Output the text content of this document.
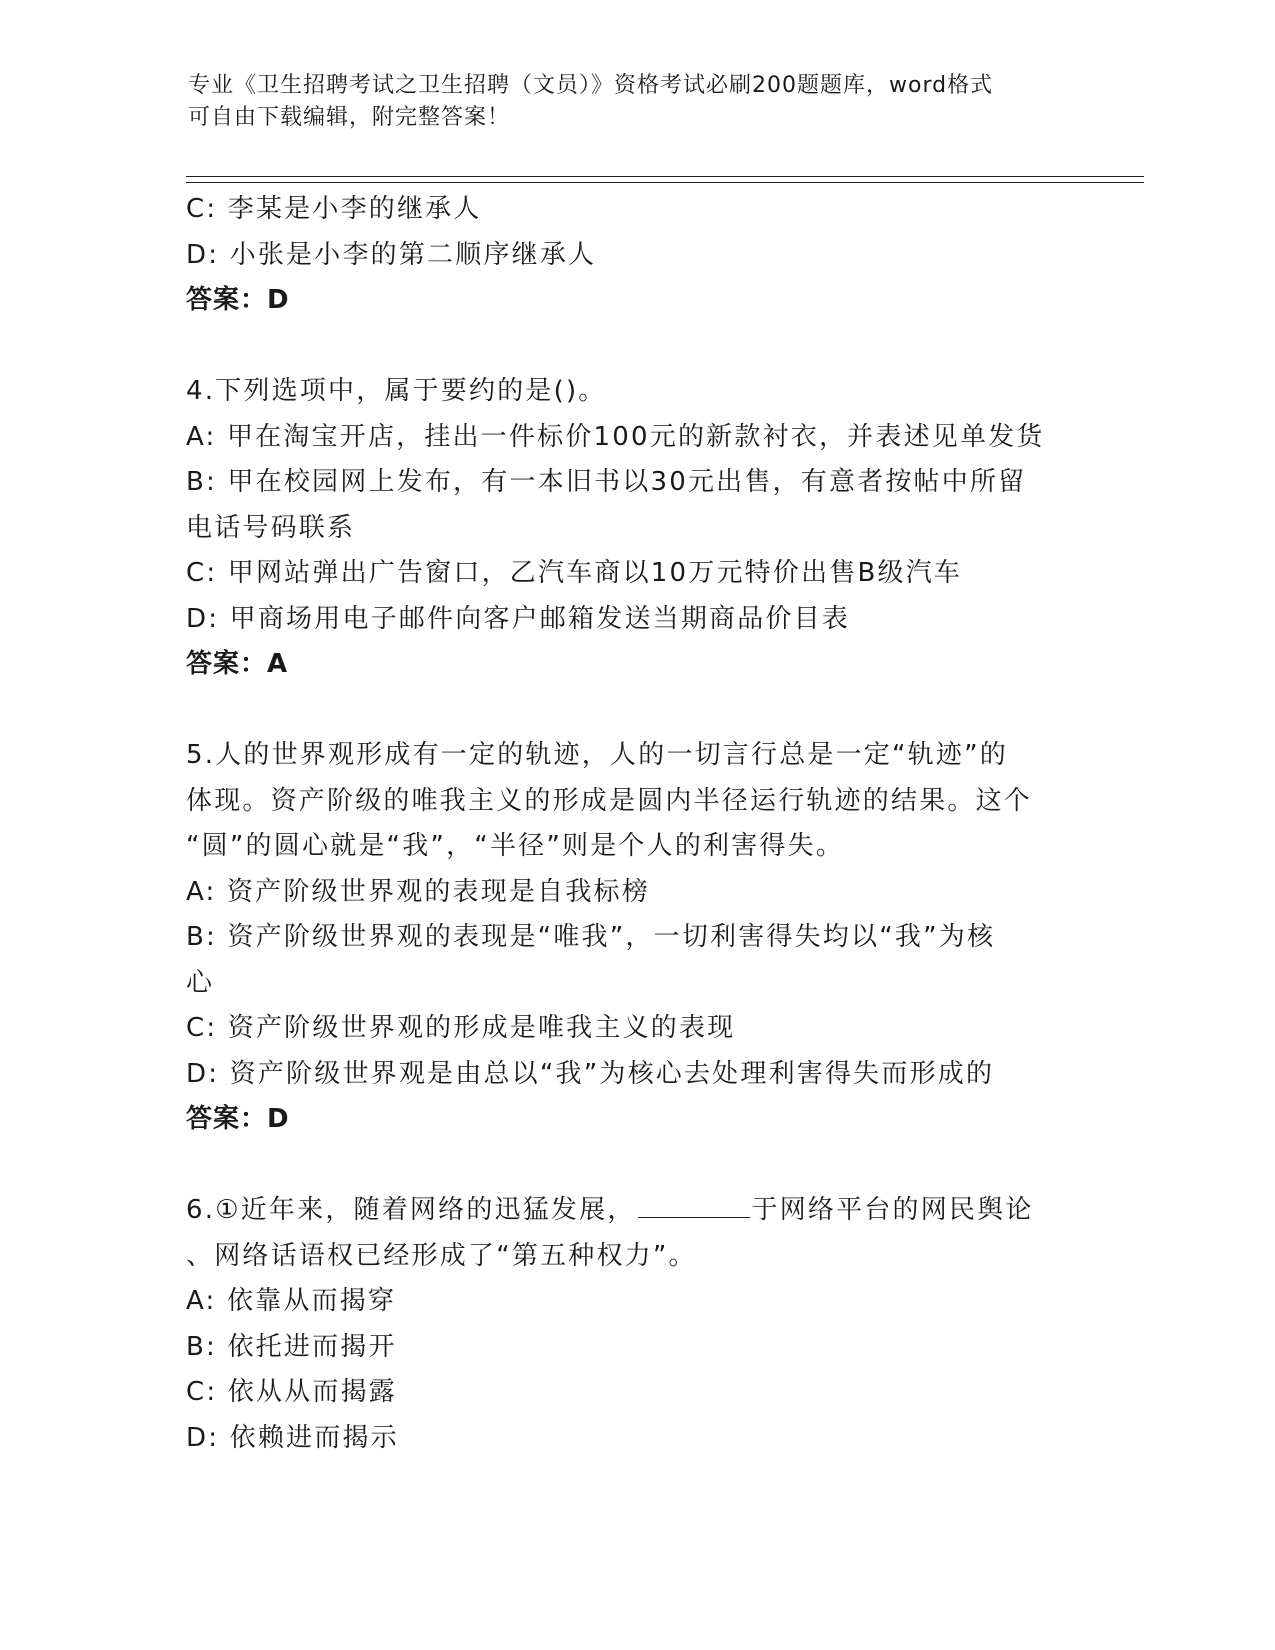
专业《卫生招聘考试之卫生招聘（文员）》资格考试必刷200题题库，word格式
可自由下载编辑，附完整答案！
C: 李某是小李的继承人
D: 小张是小李的第二顺序继承人
答案：D
4.下列选项中，属于要约的是()。
A: 甲在淘宝开店，挂出一件标价100元的新款衬衣，并表述见单发货
B: 甲在校园网上发布，有一本旧书以30元出售，有意者按帖中所留
电话号码联系
C: 甲网站弹出广告窗口，乙汽车商以10万元特价出售B级汽车
D: 甲商场用电子邮件向客户邮箱发送当期商品价目表
答案：A
5.人的世界观形成有一定的轨迹，人的一切言行总是一定“轨迹”的
体现。资产阶级的唯我主义的形成是圆内半径运行轨迹的结果。这个
“圆”的圆心就是“我”，“半径”则是个人的利害得失。
A: 资产阶级世界观的表现是自我标榜
B: 资产阶级世界观的表现是“唯我”，一切利害得失均以“我”为核
心
C: 资产阶级世界观的形成是唯我主义的表现
D: 资产阶级世界观是由总以“我”为核心去处理利害得失而形成的
答案：D
6.①近年来，随着网络的迅猛发展，	于网络平台的网民舆论
、网络话语权已经形成了“第五种权力”。
A: 依靠从而揭穿
B: 依托进而揭开
C: 依从从而揭露
D: 依赖进而揭示
